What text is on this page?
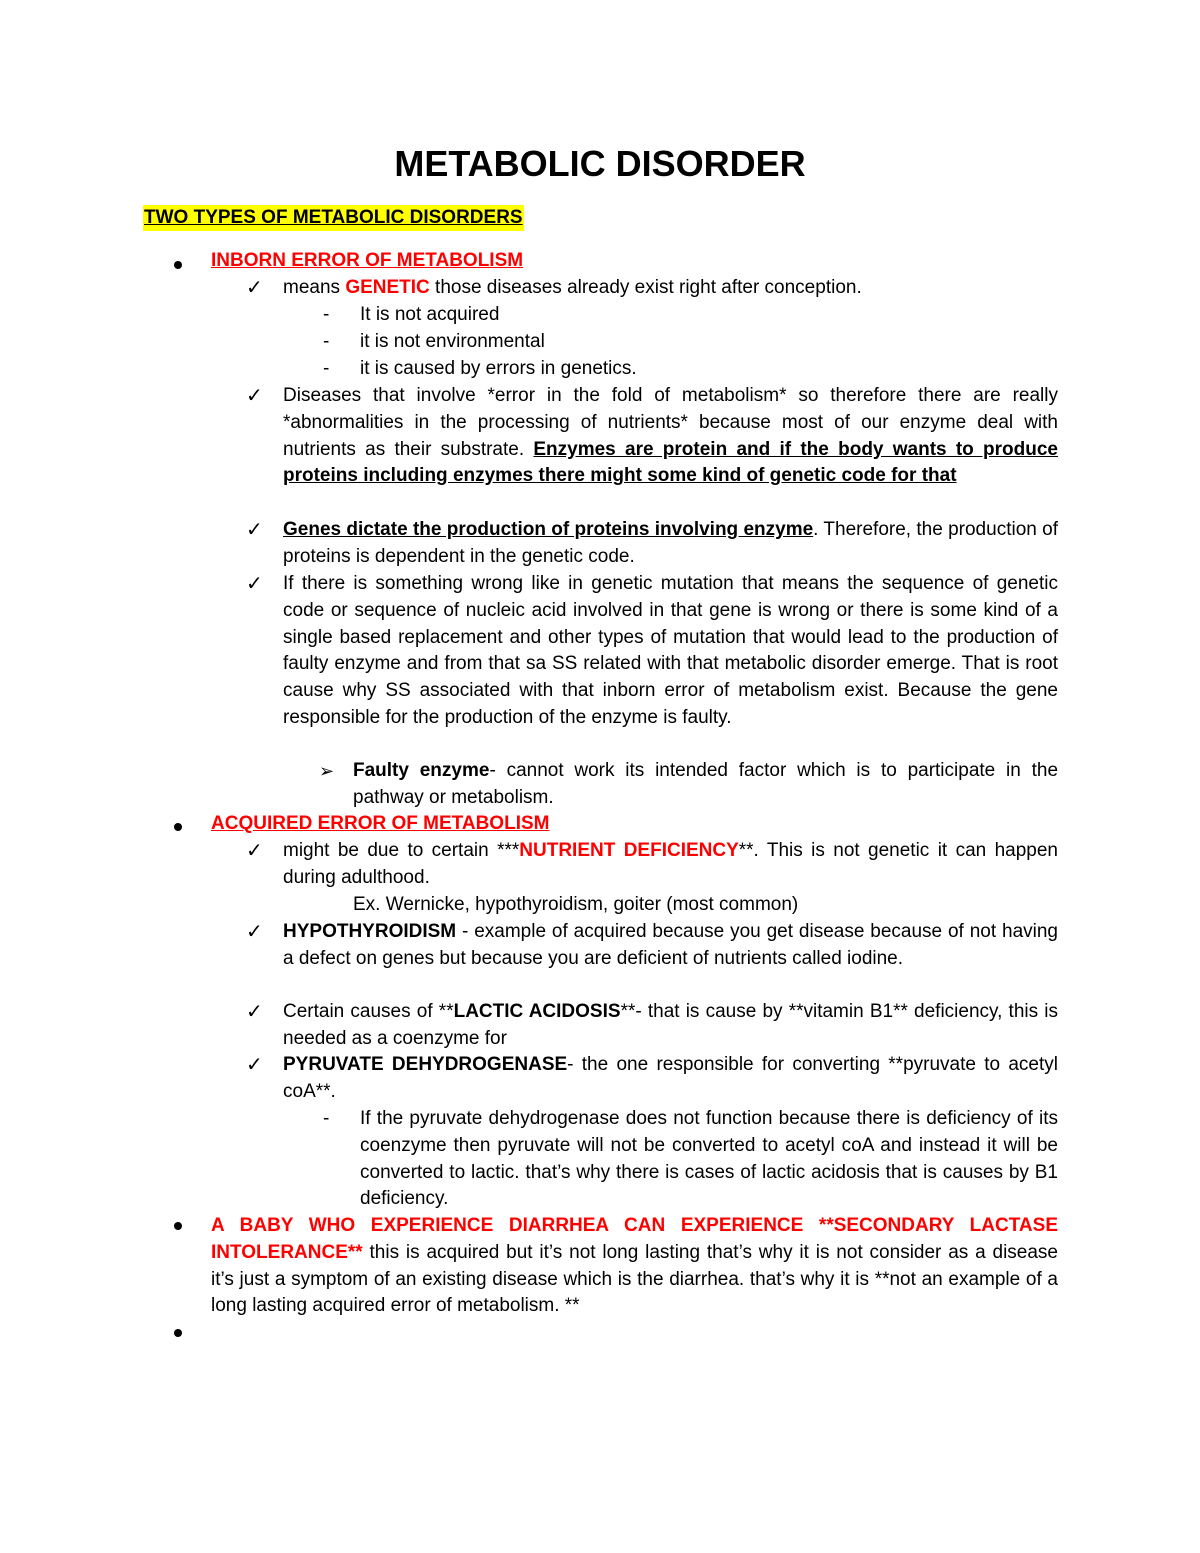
METABOLIC DISORDER
TWO TYPES OF METABOLIC DISORDERS
INBORN ERROR OF METABOLISM
✓ means GENETIC those diseases already exist right after conception.
- It is not acquired
- it is not environmental
- it is caused by errors in genetics.
✓ Diseases that involve *error in the fold of metabolism* so therefore there are really *abnormalities in the processing of nutrients* because most of our enzyme deal with nutrients as their substrate. Enzymes are protein and if the body wants to produce proteins including enzymes there might some kind of genetic code for that

✓ Genes dictate the production of proteins involving enzyme. Therefore, the production of proteins is dependent in the genetic code.

✓ If there is something wrong like in genetic mutation that means the sequence of genetic code or sequence of nucleic acid involved in that gene is wrong or there is some kind of a single based replacement and other types of mutation that would lead to the production of faulty enzyme and from that sa SS related with that metabolic disorder emerge. That is root cause why SS associated with that inborn error of metabolism exist. Because the gene responsible for the production of the enzyme is faulty.

➢ Faulty enzyme- cannot work its intended factor which is to participate in the pathway or metabolism.

ACQUIRED ERROR OF METABOLISM
✓ might be due to certain ***NUTRIENT DEFICIENCY**. This is not genetic it can happen during adulthood.

Ex. Wernicke, hypothyroidism, goiter (most common)
✓ HYPOTHYROIDISM - example of acquired because you get disease because of not having a defect on genes but because you are deficient of nutrients called iodine.

✓ Certain causes of **LACTIC ACIDOSIS**- that is cause by **vitamin B1** deficiency, this is needed as a coenzyme for

✓ PYRUVATE DEHYDROGENASE- the one responsible for converting **pyruvate to acetyl coA**.

- If the pyruvate dehydrogenase does not function because there is deficiency of its coenzyme then pyruvate will not be converted to acetyl coA and instead it will be converted to lactic. that’s why there is cases of lactic acidosis that is causes by B1 deficiency.

A BABY WHO EXPERIENCE DIARRHEA CAN EXPERIENCE **SECONDARY LACTASE INTOLERANCE** this is acquired but it’s not long lasting that’s why it is not consider as a disease it’s just a symptom of an existing disease which is the diarrhea. that’s why it is **not an example of a long lasting acquired error of metabolism. **
